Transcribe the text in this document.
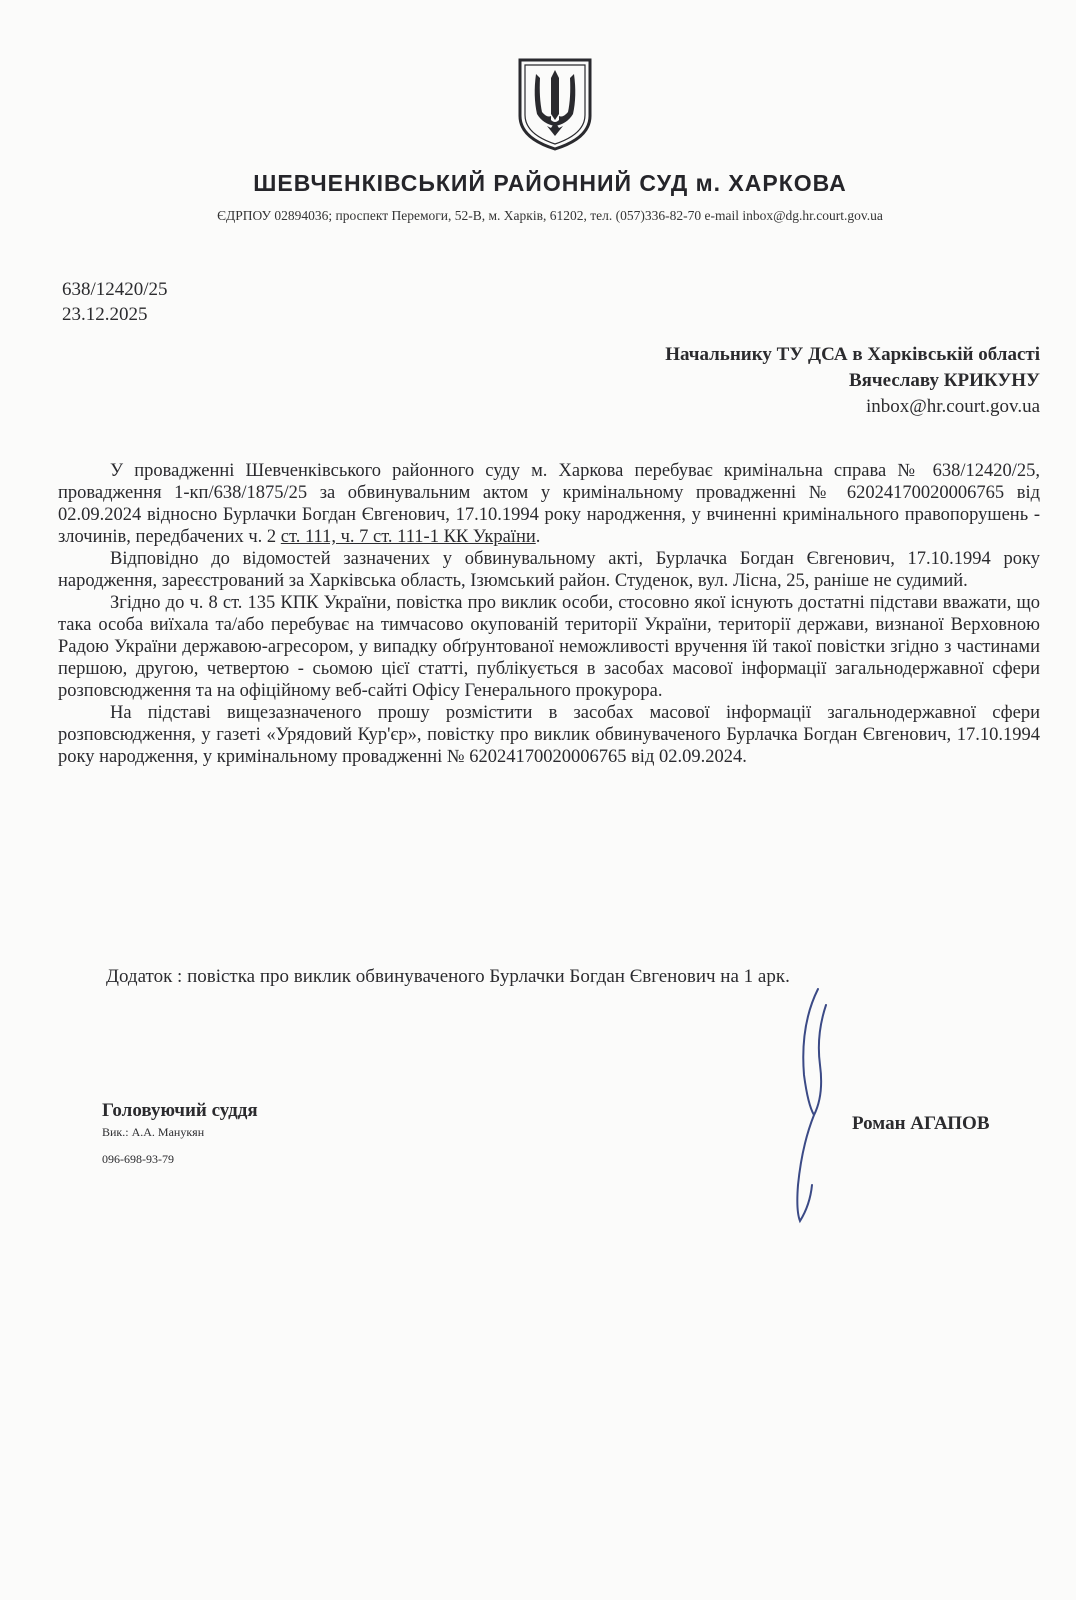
ШЕВЧЕНКІВСЬКИЙ РАЙОННИЙ СУД м. ХАРКОВА
ЄДРПОУ 02894036; проспект Перемоги, 52-В, м. Харків, 61202, тел. (057)336-82-70 e-mail inbox@dg.hr.court.gov.ua
638/12420/25
23.12.2025
Начальнику ТУ ДСА в Харківській області
Вячеславу КРИКУНУ
inbox@hr.court.gov.ua

У провадженні Шевченківського районного суду м. Харкова перебуває кримінальна справа № 638/12420/25, провадження 1-кп/638/1875/25 за обвинувальним актом у кримінальному провадженні № 62024170020006765 від 02.09.2024 відносно Бурлачки Богдан Євгенович, 17.10.1994 року народження, у вчиненні кримінального правопорушень - злочинів, передбачених ч. 2 ст. 111, ч. 7 ст. 111-1 КК України.

Відповідно до відомостей зазначених у обвинувальному акті, Бурлачка Богдан Євгенович, 17.10.1994 року народження, зареєстрований за Харківська область, Ізюмський район. Студенок, вул. Лісна, 25, раніше не судимий.

Згідно до ч. 8 ст. 135 КПК України, повістка про виклик особи, стосовно якої існують достатні підстави вважати, що така особа виїхала та/або перебуває на тимчасово окупованій території України, території держави, визнаної Верховною Радою України державою-агресором, у випадку обґрунтованої неможливості вручення їй такої повістки згідно з частинами першою, другою, четвертою - сьомою цієї статті, публікується в засобах масової інформації загальнодержавної сфери розповсюдження та на офіційному веб-сайті Офісу Генерального прокурора.

На підставі вищезазначеного прошу розмістити в засобах масової інформації загальнодержавної сфери розповсюдження, у газеті «Урядовий Кур'єр», повістку про виклик обвинуваченого Бурлачка Богдан Євгенович, 17.10.1994 року народження, у кримінальному провадженні № 62024170020006765 від 02.09.2024.

Додаток : повістка про виклик обвинуваченого Бурлачки Богдан Євгенович на 1 арк.
Головуючий суддя
Вик.: А.А. Манукян
096-698-93-79
Роман АГАПОВ
